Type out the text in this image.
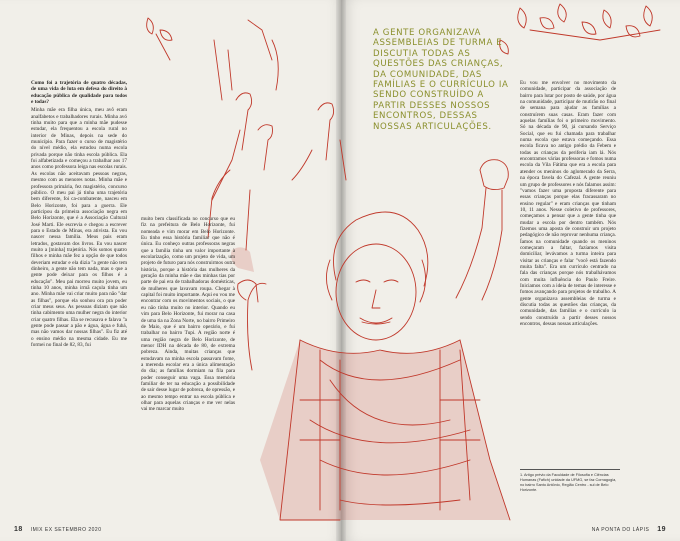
Como foi a trajetória de quatro décadas, de uma vida de luta em defesa do direito à educação pública de qualidade para todos e todas?

Minha mãe era filha única, meu avô eram analfabetos e trabalhadores rurais. Minha avó tinha muito para que a minha mãe pudesse estudar, ela frequentou a escola rural no interior de Minas, depois na sede do município. Para fazer o curso de magistério do nível médio, ela estudou numa escola privada porque não tinha escola pública. Ela foi alfabetizada e começou a trabalhar aos 17 anos como professora leiga nas escolas rurais. As escolas não aceitavam pessoas negras, mesmo com as menores notas. Minha mãe e professora primária, fez magistério, concurso público. O meu pai já tinha uma trajetória bem diferente, foi ca-combatente, nasceu em Belo Horizonte, foi para a guerra. Ele participou da primeira associação negra em Belo Horizonte, que é a Associação Cultural José Marti. Ele escrevia e chegou a escrever para o Estado de Minas, era ativista. Eu vou nascer nessa família. Meus pais eram letrados, gostavam dos livros. Eu vou nascer muito a [minha] trajetória. Nós somos quatro filhos e minha mãe fez a opção de que todos deveriam estudar e ela dizia "a gente não tem dinheiro, a gente não tem nada, mas o que a gente pode deixar para os filhos é a educação". Meu pai morreu muito jovem, eu tinha 10 anos, minha irmã caçula tinha um ano. Minha mãe vai criar muito para não "dar as filhas", porque ela sonhou ora pra poder criar meus seus. As pessoas diziam que não tinha cabimento uma mulher negra do interior criar quatro filhas. Ela se recusava e falava "a gente pode passar a pão e água, água e fubá, mas não vamos dar nossas filhas". Eu fiz até o ensino médio na mesma cidade. Eu me formei no final de 82, 83, fui

muito bem classificada no concurso que eu fiz na prefeitura de Belo Horizonte, fui nomeada e vim morar em Belo Horizonte. Eu tinho essa história familiar que não é única. Eu conheço outras professoras negras que a família tinha um valor importante à escolarização, como um projeto de vida, um projeto de futuro para nós construirmos outra história, porque a história das mulheres da geração da minha mãe e das minhas tias por parte de pai era de trabalhadoras domésticas, de mulheres que lavavam roupa. Chegar à capital foi muito importante. Aqui eu vou me encontrar com os movimentos sociais, o que eu não tinha muito no interior. Quando eu vim para Belo Horizonte, fui morar na casa de uma tia na Zona Norte, no bairro Primeiro de Maio, que é um bairro operário, e fui trabalhar no bairro Tupi. A região norte é uma região negra de Belo Horizonte, de menor IDH na década de 80, de extrema pobreza. Ainda, muitas crianças que estudavam na minha escola passavam fome, a merenda escolar era a única alimentação do dia; as famílias dormiam na fila para poder conseguir uma vaga. Essa memória familiar de ter na educação a possibilidade de sair desse lugar de pobreza, de opressão, e ao mesmo tempo entrar na escola pública e olhar para aquelas crianças e me ver nelas vai me marcar muito

A GENTE ORGANIZAVA ASSEMBLEIAS DE TURMA E DISCUTIA TODAS AS QUESTÕES DAS CRIANÇAS, DA COMUNIDADE, DAS FAMÍLIAS E O CURRÍCULO IA SENDO CONSTRUÍDO A PARTIR DESSES NOSSOS ENCONTROS, DESSAS NOSSAS ARTICULAÇÕES.

Eu vou me envolver no movimento da comunidade, participar da associação de bairro para lutar por posto de saúde, por água na comunidade, participar de mutirão no final de semana para ajudar as famílias a construírem suas casas. Eram fazer com aquelas famílias foi o primeiro movimento. Só na década de 90, já cursando Serviço Social, que eu fui chamada para trabalhar numa escola que estava começando. Essa escola ficava no antigo prédio da Febem e todas as crianças da periferia iam lá. Nós encontramos várias professoras e fomos numa escola da Vila Fátima que era a escola para atender os meninos do aglomerado da Serra, na época favela do Cafezal. A gente reuniu um grupo de professores e nós falamos assim: "vamos fazer uma proposta diferente para essas crianças porque elas fracassaram no ensino regular" e eram crianças que tinham 10, 11 anos. Nesse coletivo de professores, começamos a pensar que a gente tinha que mudar a escola por dentro também. Nós fizemos uma aposta de construir um projeto pedagógico de não reprovar nenhuma criança. Íamos na comunidade quando os meninos começaram a faltar, fazíamos visita domiciliar, levávamos a turma inteira para visitar as crianças e falar "você está fazendo muita falta". Era um currículo centrado na fala das crianças porque nós trabalhávamos com muita influência do Paulo Freire. Iniciamos com a ideia de temas de interesse e fomos avançando para projetos de trabalho. A gente organizava assembleias de turma e discutia todas as questões das crianças, da comunidade, das famílias e o currículo ia sendo construído a partir desses nossos encontros, dessas nossas articulações.

1. Artigo prévio da Faculdade de Filosofia e Ciências Humanas (Fafich) unidade da UFMG, se faz Cornagogia, no bairro Santo Antônio, Região Centro - sul de Belo Horizonte.
18 IMIX EX SETEMBRO 2020	NA PONTA DO LÁPIS 19
